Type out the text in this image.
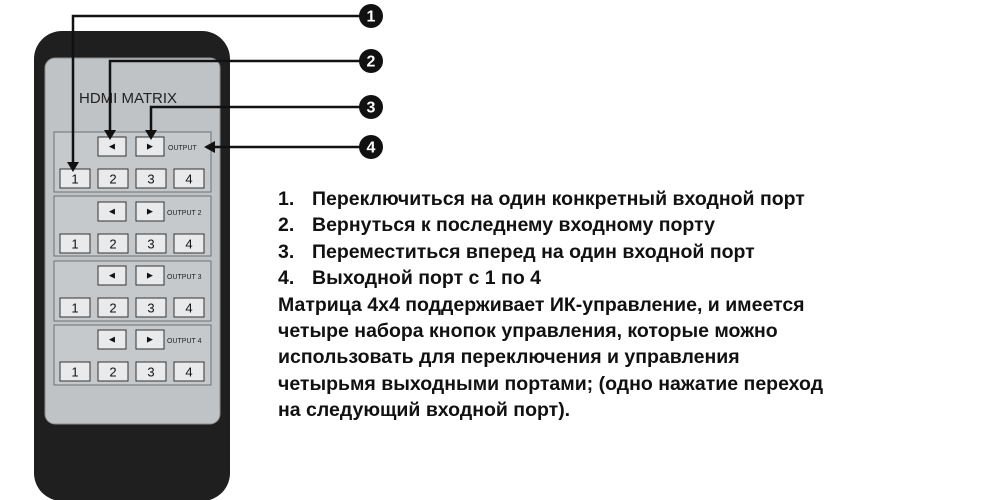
HDMI MATRIX
◄	► OUTPUT
1 2 3 4
◄	► OUTPUT 2
1 2 3 4
◄	► OUTPUT 3
1 2 3 4
◄	► OUTPUT 4
1 2 3 4
1
2
3
4
1. Переключиться на один конкретный входной порт
2. Вернуться к последнему входному порту
3. Переместиться вперед на один входной порт
4. Выходной порт с 1 по 4
Матрица 4x4 поддерживает ИК-управление, и имеется
четыре набора кнопок управления, которые можно
использовать для переключения и управления
четырьмя выходными портами; (одно нажатие переход
на следующий входной порт).
